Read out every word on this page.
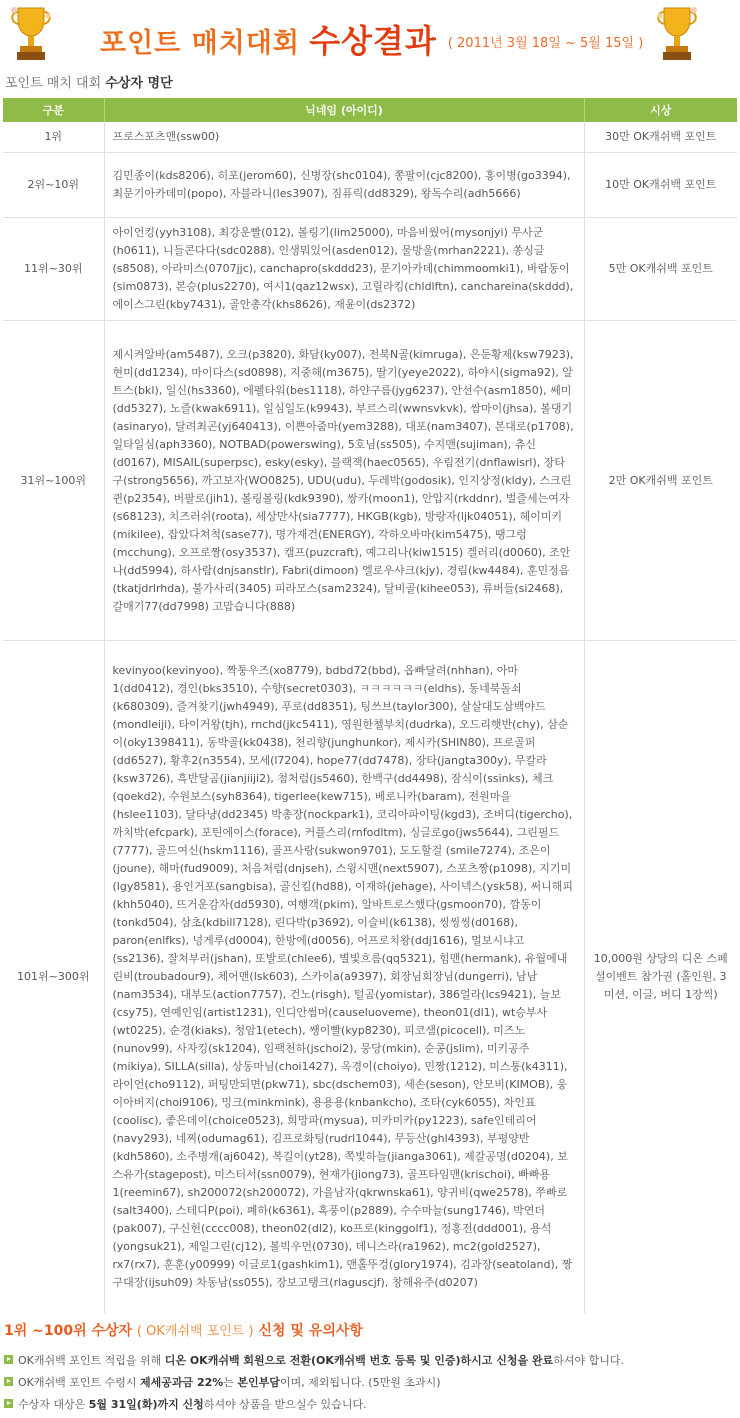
포인트 매치대회 수상결과 $^{( 2011년 3월 18일 \sim 5월 15일 )}$
포인트 매치 대회 수상자 명단
구분	닉네임 (아이디)	시상
1위	프로스포츠맨(ssw00)	30만 OK캐쉬백 포인트
2위~10위	김민종이(kds8206), 히포(jerom60), 신병장(shc0104), 쫑팔이(cjc8200), 홍이병(go3394), 최문기아카데미(popo), 자블라니(les3907), 짐퓨릭(dd8329), 왕독수리(adh5666)	10만 OK캐쉬백 포인트
11위~30위	아이언킹(yyh3108), 최강운빨(012), 볼링기(lim25000), 마음비웠어(mysonjyi) 무사군(h0611), 니들콘다다(sdc0288), 인생뭐있어(asden012), 물방울(mrhan2221), 쏭싱글(s8508), 아라미스(0707jjc), canchapro(skddd23), 문기아카데(chimmoomki1), 바람동이(sim0873), 본승(plus2270), 여시1(qaz12wsx), 고릴라킹(chldlftn), canchareina(skddd), 에이스그린(kby7431), 골안총각(khs8626), 재윤이(ds2372)	5만 OK캐쉬백 포인트
31위~100위	제시켜알바(am5487), 오크(p3820), 화담(ky007), 전북N골(kimruga), 은둔황제(ksw7923), 현미(dd1234), 마이다스(sd0898), 지중해(m3675), 딸기(yeye2022), 하야시(sigma92), 알트스(bkl), 일신(hs3360), 에펠타워(bes1118), 하얀구름(jyg6237), 안선수(asm1850), 쎄미(dd5327), 노즐(kwak6911), 일심일도(k9943), 부르스리(wwnsvkvk), 쌈마이(jhsa), 볼댕기(asinaryo), 달려최곤(yj640413), 이쁜아줌마(yem3288), 대포(nam3407), 본대로(p1708), 일타일심(aph3360), NOTBAD(powerswing), 5호님(ss505), 수지맨(sujiman), 츄신(d0167), MISAIL(superpsc), esky(esky), 블랙잭(haec0565), 우림전기(dnflawisrl), 장타구(strong5656), 까고보자(WO0825), UDU(udu), 두레박(godosik), 인지상정(kldy), 스크린퀸(p2354), 버팔로(jih1), 볼링볼링(kdk9390), 쌍카(moon1), 안압지(rkddnr), 벌즐세는여자(s68123), 치즈러쉬(roota), 세상만사(sia7777), HKGB(kgb), 방랑자(ljk04051), 헤이미키(mikilee), 잡았다쳐척(sase77), 명가재건(ENERGY), 각하오바마(kim5475), 땡그렁(mcchung), 오프로짱(osy3537), 캠프(puzcraft), 예그리나(kiw1515) 겔러리(d0060), 조안나(dd5994), 하사람(dnjsanstlr), Fabri(dimoon) 엘로우샤크(kjy), 경림(kw4484), 훈민정음(tkatjdrlrhda), 불가사리(3405) 피라모스(sam2324), 달비골(kihee053), 류버들(si2468), 갈매기77(dd7998) 고맙습니다(888)	2만 OK캐쉬백 포인트
101위~300위	kevinyoo(kevinyoo), 짝퉁우즈(xo8779), bdbd72(bbd), 옵빠달려(nhhan), 아마1(dd0412), 경인(bks3510), 수향(secret0303), ㅋㅋㅋㅋㅋㅋ(eldhs), 동네북돌쇠(k680309), 즐겨찾기(jwh4949), 푸로(dd8351), 팅쓰브(taylor300), 살살대도삼백야드(mondleiji), 타이거왕(tjh), rnchd(jkc5411), 영원한첼부치(dudrka), 오드리햇반(chy), 삼순이(oky1398411), 동박골(kk0438), 천리향(junghunkor), 제시카(SHIN80), 프로골퍼(dd6527), 황후2(n3554), 모세(l7204), hope77(dd7478), 장타(jangta300y), 무칼라(ksw3726), 흑반달곰(jianjiiji2), 첨처럼(js5460), 한백구(dd4498), 잠식이(ssinks), 체크(qoekd2), 수원보스(syh8364), tigerlee(kew715), 베로니카(baram), 전원마을(hslee1103), 달타냥(dd2345) 박총장(nockpark1), 코리아파이팅(kgd3), 조버디(tigercho), 까치박(efcpark), 포틴에이스(forace), 커플스리(rnfodltm), 싱글로go(jws5644), 그린필드(7777), 골드여신(hskm1116), 골프사랑(sukwon9701), 도도할걸 (smile7274), 조은이(joune), 해마(fud9009), 처음처럼(dnjseh), 스윙시맨(next5907), 스포츠짱(p1098), 지기미(lgy8581), 용인거포(sangbisa), 골신킴(hd88), 이재하(jehage), 사이넥스(ysk58), 써니해피(khh5040), 뜨거운감자(dd5930), 여행객(pkim), 알바트로스했다(gsmoon70), 깜동이(tonkd504), 삼초(kdbill7128), 린다박(p3692), 이슬비(k6138), 씽씽씽(d0168), paron(enlfks), 넝게루(d0004), 한방에(d0056), 어프로치왕(ddj1616), 멀보시냐고(ss2136), 잘쳐부러(jshan), 또발로(chlee6), 별빛흐름(qq5321), 힘맨(hermank), 유월에내린비(troubadour9), 체어맨(lsk603), 스카이a(a9397), 회장님회장님(dungerri), 남남(nam3534), 대부도(action7757), 건노(risgh), 털곰(yomistar), 386얼라(lcs9421), 늘보(csy75), 연예인임(artist1231), 인디안썸머(causeluoveme), theon01(dl1), wt승부사(wt0225), 순경(kiaks), 청암1(etech), 쌩이빨(kyp8230), 피코샘(picocell), 미즈노(nunov99), 사자킹(sk1204), 임팩천하(jschoi2), 뭉당(mkin), 순콩(jslim), 미키공주(mikiya), SILLA(silla), 상동마님(choi1427), 옥경이(choiyo), 민짱(1212), 미스퉁(k4311), 라이언(cho9112), 퍼팅만되면(pkw71), sbc(dschem03), 세손(seson), 안모비(KIMOB), 웅이아버지(choi9106), 밍크(minkmink), 용용용(knbankcho), 조타(cyk6055), 차인표(coolisc), 좋은데이(choice0523), 희망파(mysua), 미카미카(py1223), safe인테리어(navy293), 네찌(odumag61), 김프로화팅(rudrl1044), 무등산(ghl4393), 부평양반(kdh5860), 소주병개(aj6042), 복길이(yt28), 쪽빛하늘(jianga3061), 제갈공명(d0204), 보스유가(stagepost), 미스터서(ssn0079), 현재가(jiong73), 골프타임맨(krischoi), 빠빠용1(reemin67), sh200072(sh200072), 가을남자(qkrwnska61), 양귀비(qwe2578), 쭈빠로(salt3400), 스테디P(poi), 폐하(k6361), 혹풍이(p2889), 수수마늘(sung1746), 박연더(pak007), 구신헌(cccc008), theon02(dl2), ko프로(kinggolf1), 정홍전(ddd001), 용석(yongsuk21), 제일그린(cj12), 볼빅우먼(0730), 데니스라(ra1962), mc2(gold2527), rx7(rx7), 훈훈(y00999) 이글로1(gashkim1), 맨홀뚜겅(glory1974), 김과장(seatoland), 짱구대장(ijsuh09) 차동남(ss055), 장보고탱크(rlaguscjf), 창해유주(d0207)	10,000원 상당의 디온 스페셜이벤트 참가권 (홀인원, 3미션, 이글, 버디 1장씩)
1위 ~100위 수상자 ( OK캐쉬백 포인트 ) 신청 및 유의사항
OK캐쉬백 포인트 적립을 위해 디온 OK캐쉬백 회원으로 전환(OK캐쉬백 번호 등록 및 인증)하시고 신청을 완료하셔야 합니다.
OK캐쉬백 포인트 수령시 제세공과금 22%는 본인부담이며, 제외됩니다. (5만원 초과시)
수상자 대상은 5월 31일(화)까지 신청하셔야 상품을 받으실수 있습니다.
